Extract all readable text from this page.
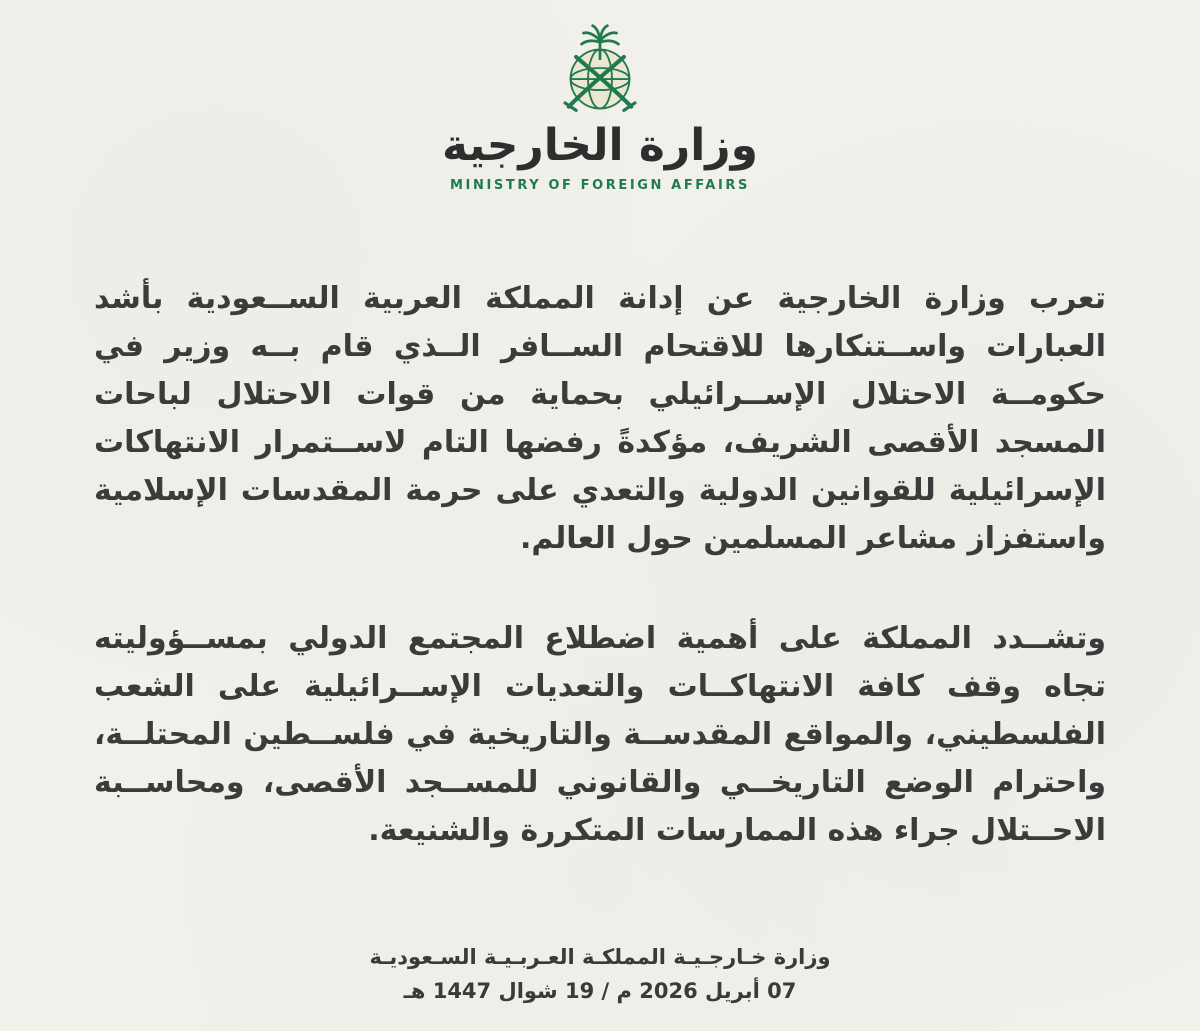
وزارة الخارجية
MINISTRY OF FOREIGN AFFAIRS

تعرب وزارة الخارجية عن إدانة المملكة العربية الســعودية بأشد العبارات واســتنكارها للاقتحام الســافر الــذي قام بــه وزير في حكومــة الاحتلال الإســرائيلي بحماية من قوات الاحتلال لباحات المسجد الأقصى الشريف، مؤكدةً رفضها التام لاســتمرار الانتهاكات الإسرائيلية للقوانين الدولية والتعدي على حرمة المقدسات الإسلامية واستفزاز مشاعر المسلمين حول العالم.

وتشــدد المملكة على أهمية اضطلاع المجتمع الدولي بمســؤوليته تجاه وقف كافة الانتهاكــات والتعديات الإســرائيلية على الشعب الفلسطيني، والمواقع المقدســة والتاريخية في فلســطين المحتلــة، واحترام الوضع التاريخــي والقانوني للمســجد الأقصى، ومحاســبة الاحــتلال جراء هذه الممارسات المتكررة والشنيعة.

وزارة خـارجـيـة المملكـة العـربـيـة السـعوديـة
07 أبريل 2026 م / 19 شوال 1447 هـ
